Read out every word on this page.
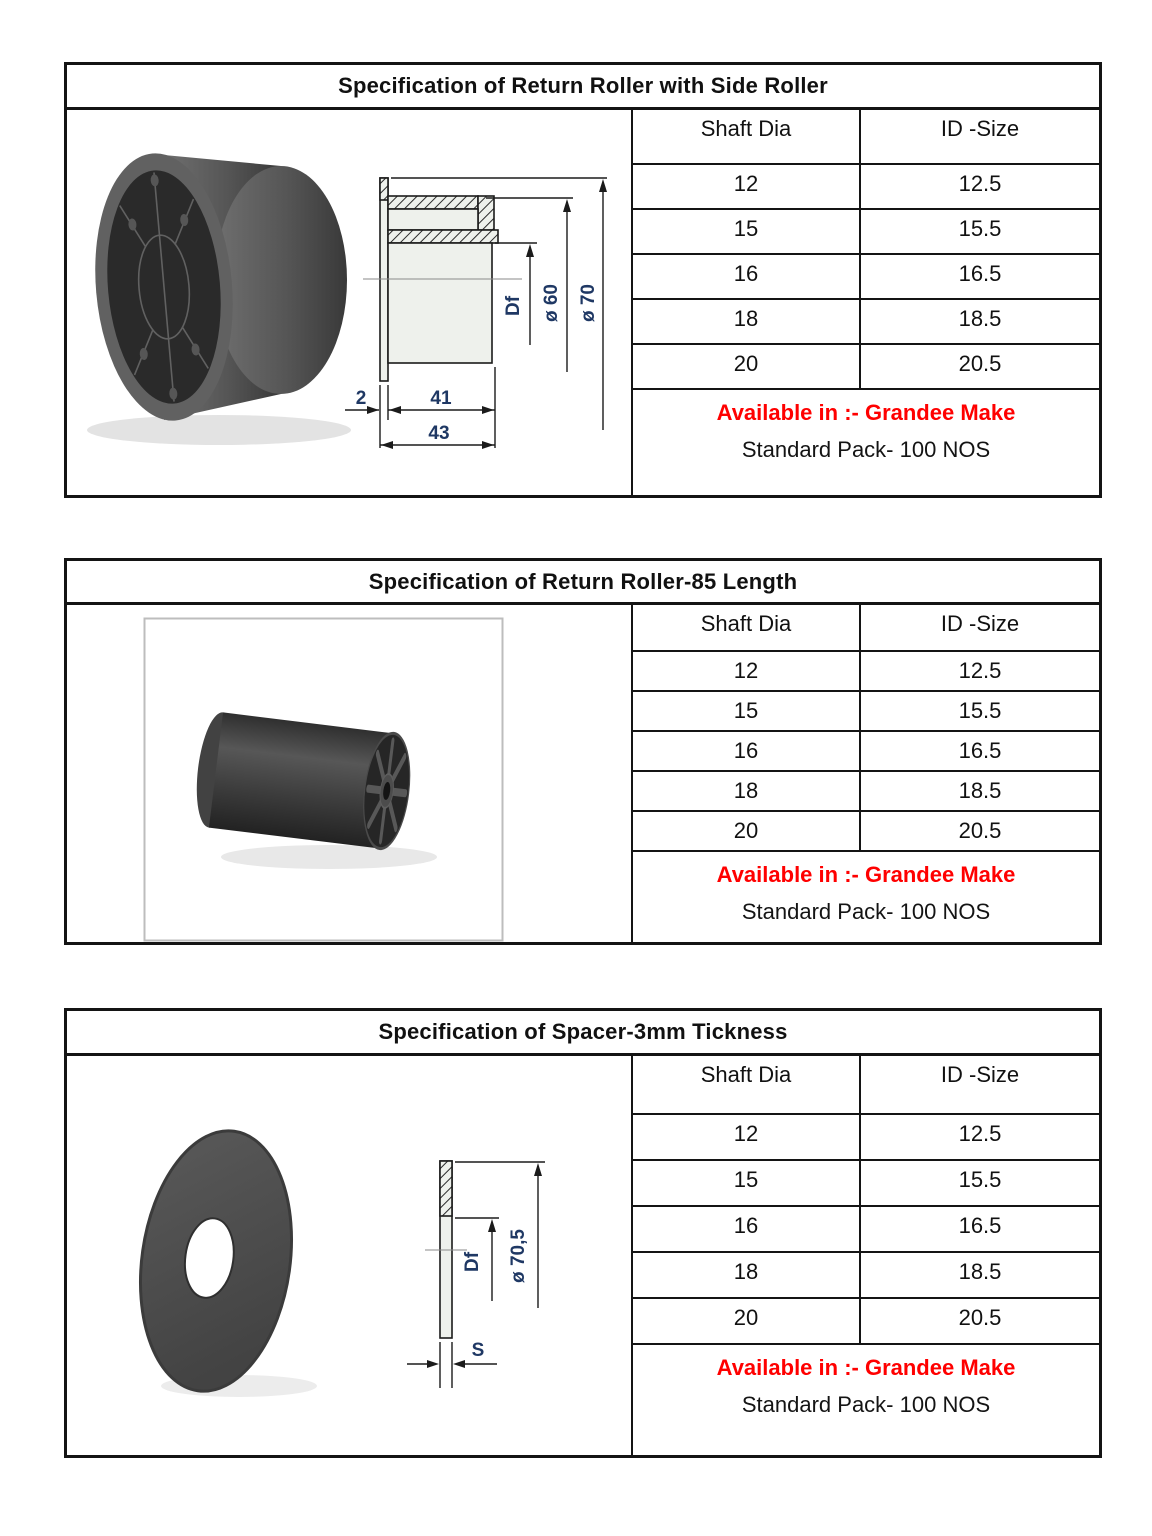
Specification of Return Roller with Side Roller
Df ø 60 ø 70
2	41
43
Shaft Dia	ID -Size
12	12.5
15	15.5
16	16.5
18	18.5
20	20.5
Available in :- Grandee Make
Standard Pack- 100 NOS
Specification of Return Roller-85 Length
Shaft Dia	ID -Size
12	12.5
15	15.5
16	16.5
18	18.5
20	20.5
Available in :- Grandee Make
Standard Pack- 100 NOS
Specification of Spacer-3mm Tickness
Df ø 70,5
S
Shaft Dia	ID -Size
12	12.5
15	15.5
16	16.5
18	18.5
20	20.5
Available in :- Grandee Make
Standard Pack- 100 NOS
